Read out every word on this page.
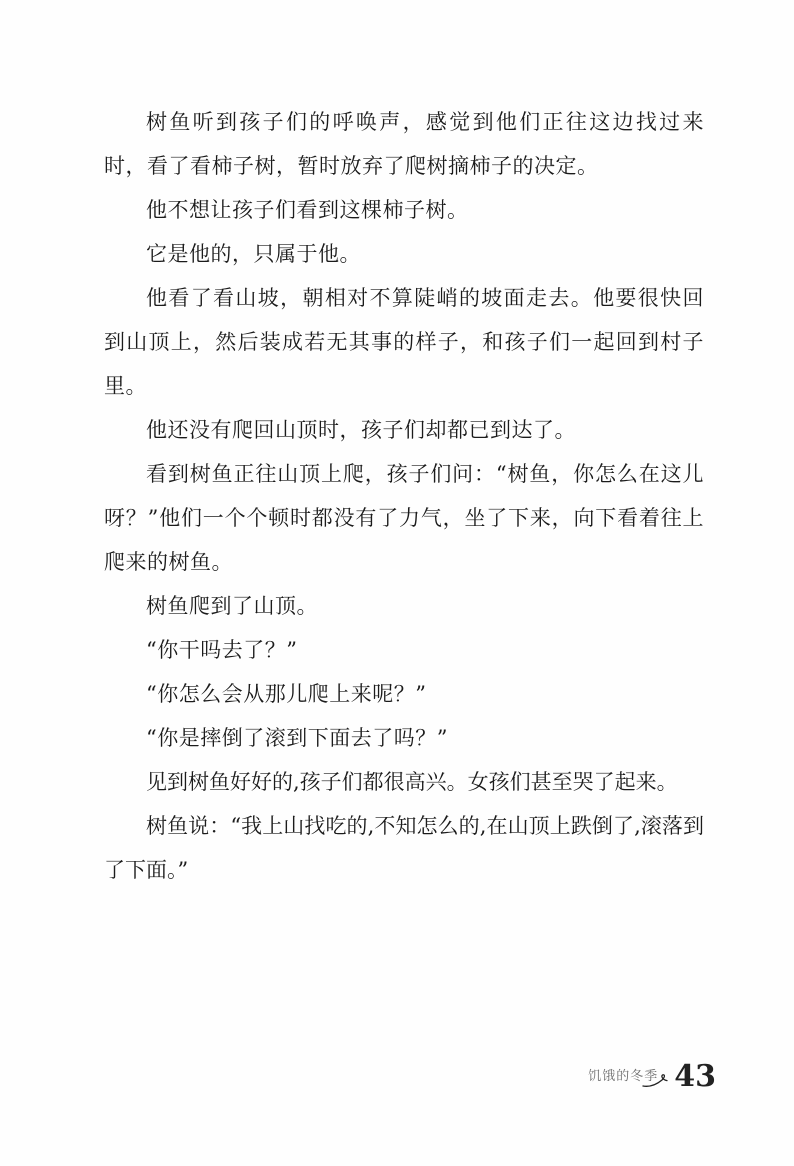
树鱼听到孩子们的呼唤声，感觉到他们正往这边找过来时，看了看柿子树，暂时放弃了爬树摘柿子的决定。

他不想让孩子们看到这棵柿子树。

它是他的，只属于他。

他看了看山坡，朝相对不算陡峭的坡面走去。他要很快回到山顶上，然后装成若无其事的样子，和孩子们一起回到村子里。

他还没有爬回山顶时，孩子们却都已到达了。

看到树鱼正往山顶上爬，孩子们问：“树鱼，你怎么在这儿呀？”他们一个个顿时都没有了力气，坐了下来，向下看着往上爬来的树鱼。

树鱼爬到了山顶。

“你干吗去了？”

“你怎么会从那儿爬上来呢？”

“你是摔倒了滚到下面去了吗？”

见到树鱼好好的,孩子们都很高兴。女孩们甚至哭了起来。

树鱼说：“我上山找吃的,不知怎么的,在山顶上跌倒了,滚落到了下面。”

饥饿的冬季 43
